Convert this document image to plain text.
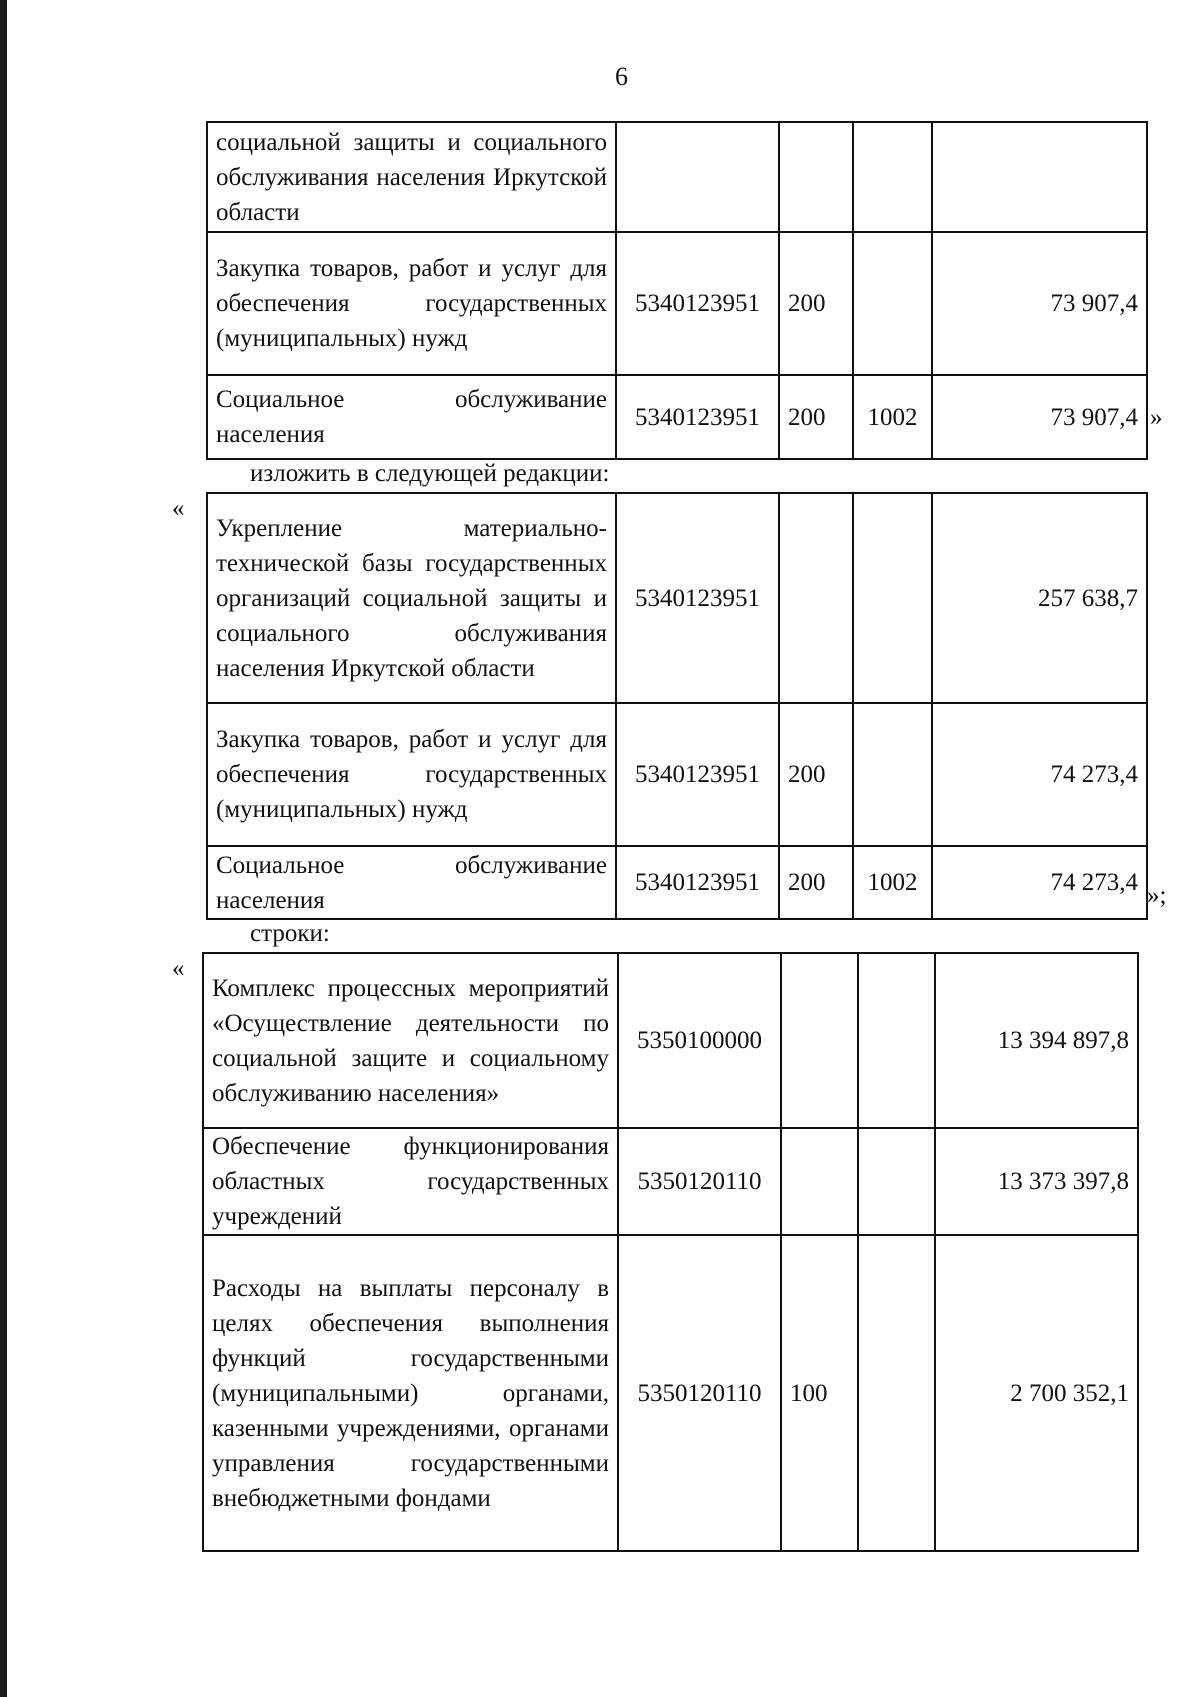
6
социальной защиты и социального обслуживания населения Иркутской области				
Закупка товаров, работ и услуг для обеспечения государственных (муниципальных) нужд	5340123951	200		73 907,4
Социальное обслуживание населения	5340123951	200	1002	73 907,4 »
изложить в следующей редакции:
«
Укрепление материально-технической базы государственных организаций социальной защиты и социального обслуживания населения Иркутской области	5340123951			257 638,7
Закупка товаров, работ и услуг для обеспечения государственных (муниципальных) нужд	5340123951	200		74 273,4
Социальное обслуживание населения	5340123951	200	1002	74 273,4 »;
строки:
«
Комплекс процессных мероприятий «Осуществление деятельности по социальной защите и социальному обслуживанию населения»	5350100000			13 394 897,8
Обеспечение функционирования областных государственных учреждений	5350120110			13 373 397,8
Расходы на выплаты персоналу в целях обеспечения выполнения функций государственными (муниципальными) органами, казенными учреждениями, органами управления государственными внебюджетными фондами	5350120110	100		2 700 352,1
